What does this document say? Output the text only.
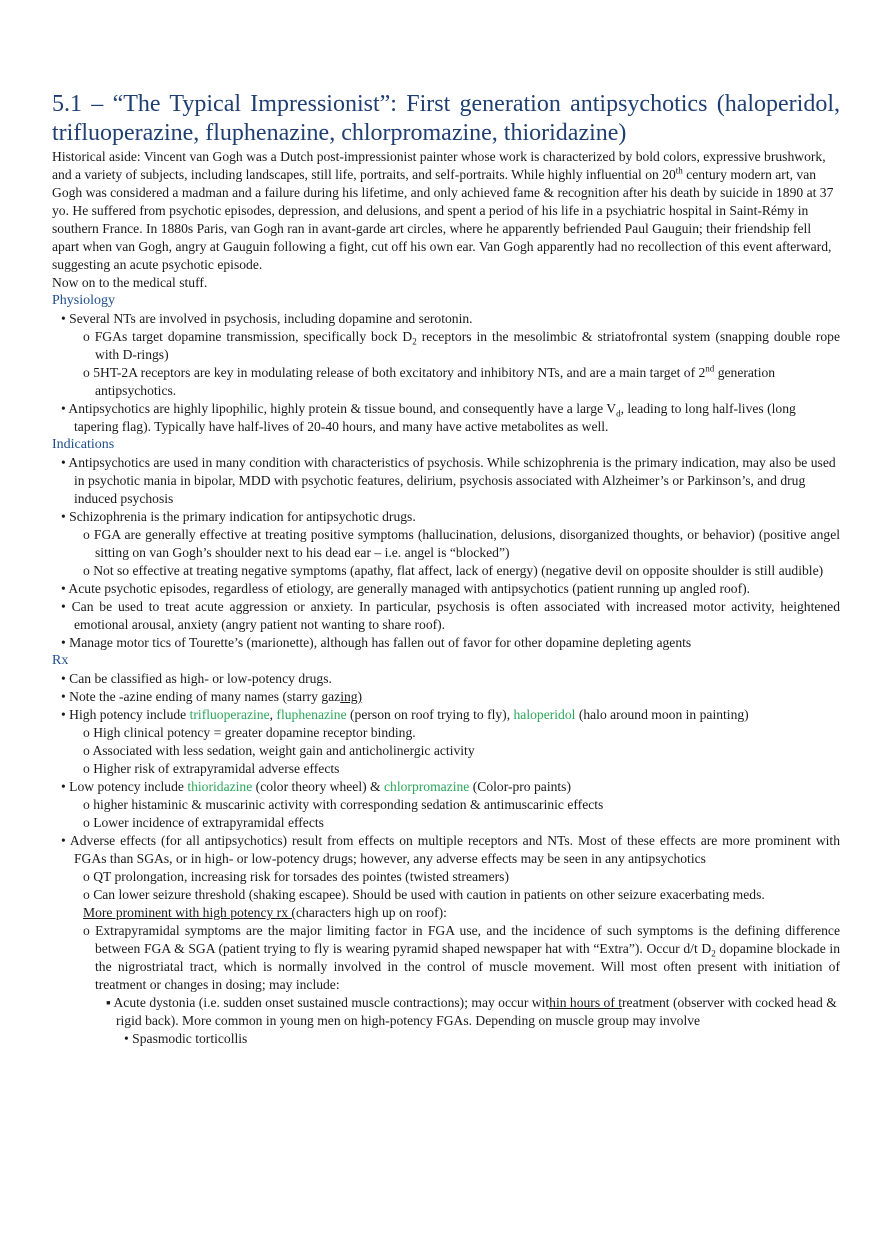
5.1 – “The Typical Impressionist”: First generation antipsychotics (haloperidol, trifluoperazine, fluphenazine, chlorpromazine, thioridazine)
Historical aside: Vincent van Gogh was a Dutch post-impressionist painter whose work is characterized by bold colors, expressive brushwork, and a variety of subjects, including landscapes, still life, portraits, and self-portraits. While highly influential on 20th century modern art, van Gogh was considered a madman and a failure during his lifetime, and only achieved fame & recognition after his death by suicide in 1890 at 37 yo. He suffered from psychotic episodes, depression, and delusions, and spent a period of his life in a psychiatric hospital in Saint-Rémy in southern France. In 1880s Paris, van Gogh ran in avant-garde art circles, where he apparently befriended Paul Gauguin; their friendship fell apart when van Gogh, angry at Gauguin following a fight, cut off his own ear. Van Gogh apparently had no recollection of this event afterward, suggesting an acute psychotic episode.
Now on to the medical stuff.
Physiology
• Several NTs are involved in psychosis, including dopamine and serotonin.
o FGAs target dopamine transmission, specifically bock $D_2$ receptors in the mesolimbic & striatofrontal system (snapping double rope with D-rings)
o 5HT-2A receptors are key in modulating release of both excitatory and inhibitory NTs, and are a main target of 2nd generation antipsychotics.
• Antipsychotics are highly lipophilic, highly protein & tissue bound, and consequently have a large $V_d$, leading to long half-lives (long tapering flag). Typically have half-lives of 20-40 hours, and many have active metabolites as well.
Indications
• Antipsychotics are used in many condition with characteristics of psychosis. While schizophrenia is the primary indication, may also be used in psychotic mania in bipolar, MDD with psychotic features, delirium, psychosis associated with Alzheimer’s or Parkinson’s, and drug induced psychosis
• Schizophrenia is the primary indication for antipsychotic drugs.
o FGA are generally effective at treating positive symptoms (hallucination, delusions, disorganized thoughts, or behavior) (positive angel sitting on van Gogh’s shoulder next to his dead ear – i.e. angel is “blocked”)
o Not so effective at treating negative symptoms (apathy, flat affect, lack of energy) (negative devil on opposite shoulder is still audible)
• Acute psychotic episodes, regardless of etiology, are generally managed with antipsychotics (patient running up angled roof).
• Can be used to treat acute aggression or anxiety. In particular, psychosis is often associated with increased motor activity, heightened emotional arousal, anxiety (angry patient not wanting to share roof).
• Manage motor tics of Tourette’s (marionette), although has fallen out of favor for other dopamine depleting agents
Rx
• Can be classified as high- or low-potency drugs.
• Note the -azine ending of many names (starry gazing)
• High potency include trifluoperazine, fluphenazine (person on roof trying to fly), haloperidol (halo around moon in painting)
o High clinical potency = greater dopamine receptor binding.
o Associated with less sedation, weight gain and anticholinergic activity
o Higher risk of extrapyramidal adverse effects
• Low potency include thioridazine (color theory wheel) & chlorpromazine (Color-pro paints)
o higher histaminic & muscarinic activity with corresponding sedation & antimuscarinic effects
o Lower incidence of extrapyramidal effects
• Adverse effects (for all antipsychotics) result from effects on multiple receptors and NTs. Most of these effects are more prominent with FGAs than SGAs, or in high- or low-potency drugs; however, any adverse effects may be seen in any antipsychotics
o QT prolongation, increasing risk for torsades des pointes (twisted streamers)
o Can lower seizure threshold (shaking escapee). Should be used with caution in patients on other seizure exacerbating meds.
More prominent with high potency rx (characters high up on roof):
o Extrapyramidal symptoms are the major limiting factor in FGA use, and the incidence of such symptoms is the defining difference between FGA & SGA (patient trying to fly is wearing pyramid shaped newspaper hat with “Extra”). Occur d/t $D_2$ dopamine blockade in the nigrostriatal tract, which is normally involved in the control of muscle movement. Will most often present with initiation of treatment or changes in dosing; may include:
▪ Acute dystonia (i.e. sudden onset sustained muscle contractions); may occur within hours of treatment (observer with cocked head & rigid back). More common in young men on high-potency FGAs. Depending on muscle group may involve
• Spasmodic torticollis
